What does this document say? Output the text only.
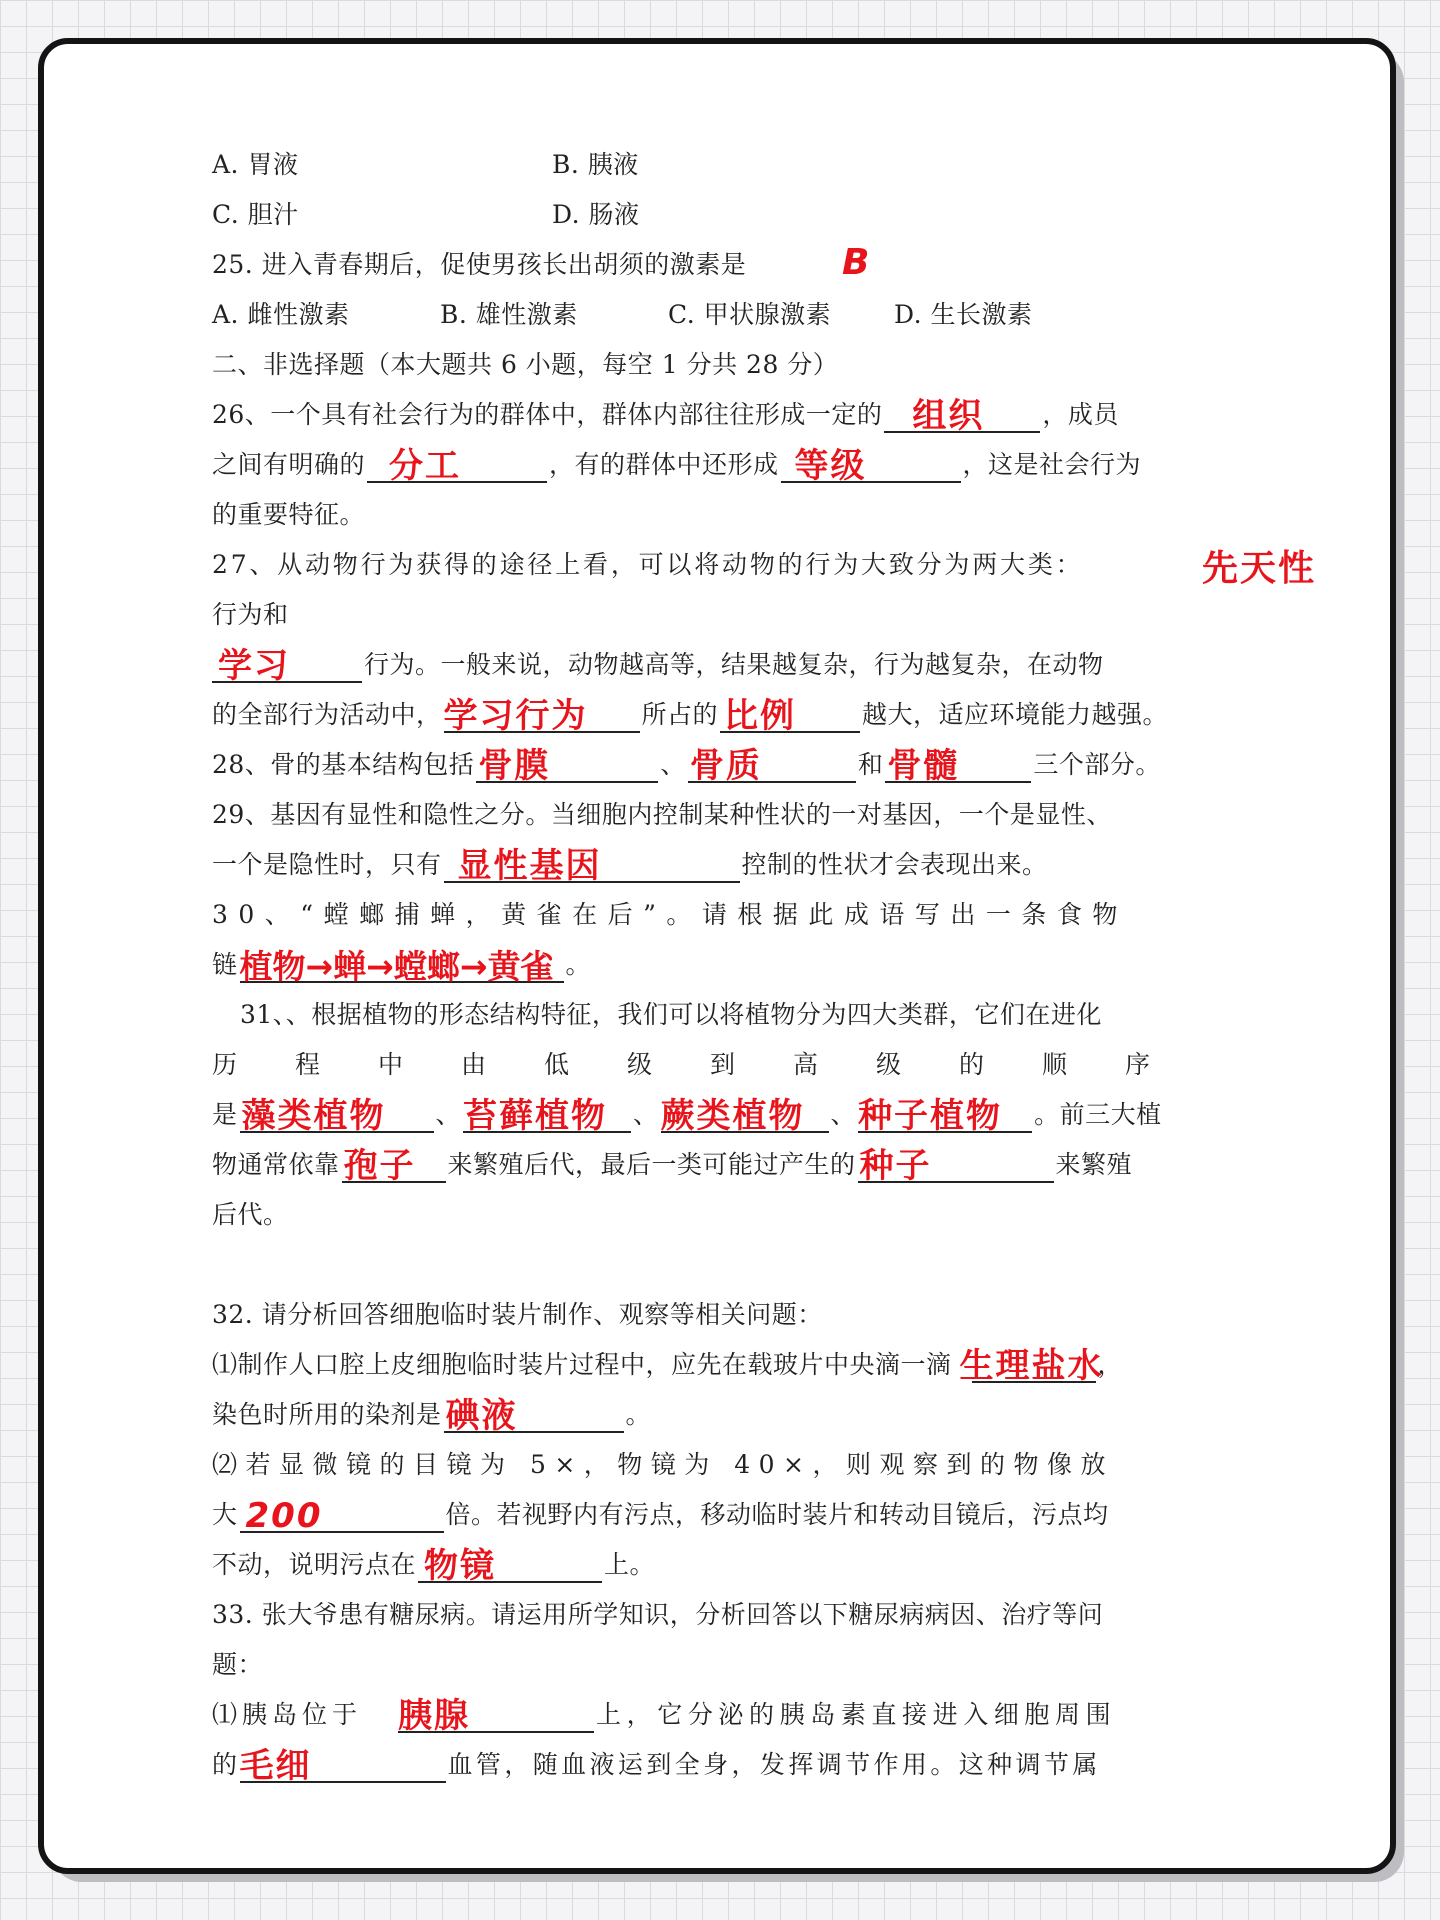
A. 胃液	B. 胰液
C. 胆汁	D. 肠液
25. 进入青春期后，促使男孩长出胡须的激素是	B
A. 雌性激素	B. 雄性激素	C. 甲状腺激素	D. 生长激素
二、非选择题（本大题共 6 小题，每空 1 分共 28 分）
26、一个具有社会行为的群体中，群体内部往往形成一定的 组织 ，成员
之间有明确的 分工	，有的群体中还形成 等级	，这是社会行为
的重要特征。
27、从动物行为获得的途径上看，可以将动物的行为大致分为两大类：	先天性
行为和
学习	行为。一般来说，动物越高等，结果越复杂，行为越复杂，在动物
的全部行为活动中， 学习行为 所占的 比例	越大，适应环境能力越强。
28、骨的基本结构包括 骨膜	、 骨质	和 骨髓	三个部分。
29、基因有显性和隐性之分。当细胞内控制某种性状的一对基因，一个是显性、
一个是隐性时，只有 显性基因	控制的性状才会表现出来。
30、“螳螂捕蝉，黄雀在后”。请根据此成语写出一条食物
链 植物→蝉→螳螂→黄雀 。
31、、根据植物的形态结构特征，我们可以将植物分为四大类群，它们在进化
历程中由低级到高级的顺序
是 藻类植物 、 苔藓植物 、 蕨类植物 、 种子植物 。前三大植
物通常依靠 孢子 来繁殖后代，最后一类可能过产生的 种子	来繁殖
后代。
32. 请分析回答细胞临时装片制作、观察等相关问题：
⑴制作人口腔上皮细胞临时装片过程中，应先在载玻片中央滴一滴 生理盐水
，
染色时所用的染剂是 碘液	。
⑵若显微镜的目镜为 5×，物镜为 40×，则观察到的物像放
大 200	倍。若视野内有污点，移动临时装片和转动目镜后，污点均
不动，说明污点在 物镜	上。
33. 张大爷患有糖尿病。请运用所学知识，分析回答以下糖尿病病因、治疗等问
题：
⑴胰岛位于 胰腺	上，它分泌的胰岛素直接进入细胞周围
的 毛细	血管，随血液运到全身，发挥调节作用。这种调节属
